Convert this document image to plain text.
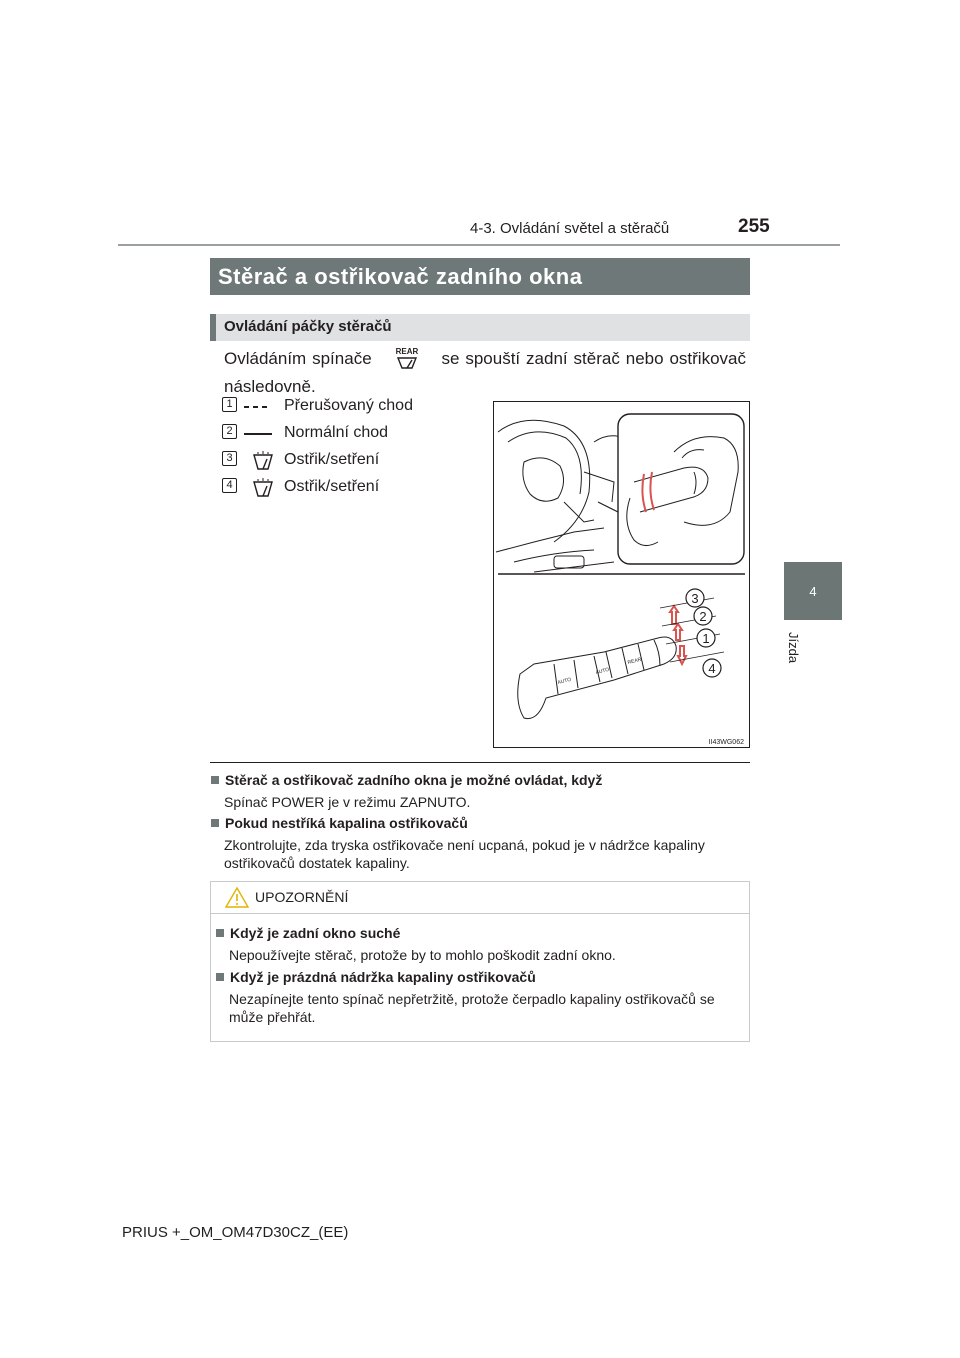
4-3. Ovládání světel a stěračů	255
4
Jízda
Stěrač a ostřikovač zadního okna
Ovládání páčky stěračů
Ovládáním spínače	REAR se spouští zadní stěrač nebo ostřikovač následovně.
1	Přerušovaný chod
2	Normální chod
3	Ostřik/setření
4	Ostřik/setření
AUTO
AUTO
REAR
3
2
1
4
II43WG062
Stěrač a ostřikovač zadního okna je možné ovládat, když
Spínač POWER je v režimu ZAPNUTO.
Pokud nestříká kapalina ostřikovačů
Zkontrolujte, zda tryska ostřikovače není ucpaná, pokud je v nádržce kapaliny ostřikovačů dostatek kapaliny.
UPOZORNĚNÍ
Když je zadní okno suché
Nepoužívejte stěrač, protože by to mohlo poškodit zadní okno.
Když je prázdná nádržka kapaliny ostřikovačů
Nezapínejte tento spínač nepřetržitě, protože čerpadlo kapaliny ostřikovačů se může přehřát.
PRIUS +_OM_OM47D30CZ_(EE)
